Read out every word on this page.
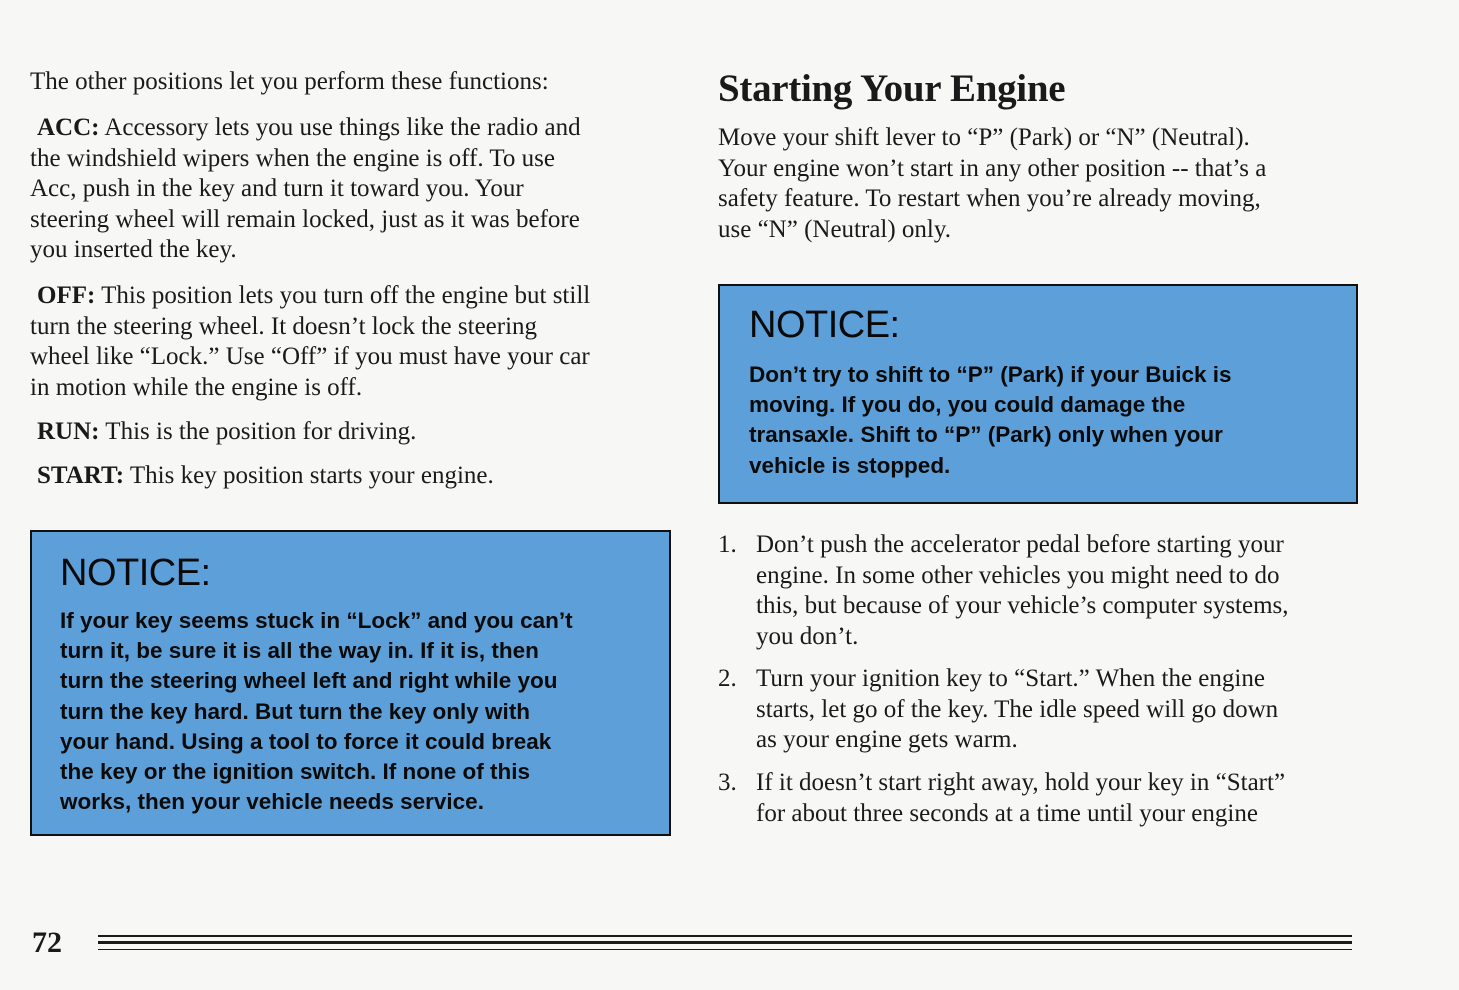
The other positions let you perform these functions:
ACC: Accessory lets you use things like the radio and
the windshield wipers when the engine is off. To use
Acc, push in the key and turn it toward you. Your
steering wheel will remain locked, just as it was before
you inserted the key.
OFF: This position lets you turn off the engine but still
turn the steering wheel. It doesn’t lock the steering
wheel like “Lock.” Use “Off” if you must have your car
in motion while the engine is off.
RUN: This is the position for driving.
START: This key position starts your engine.
NOTICE:
If your key seems stuck in “Lock” and you can’t
turn it, be sure it is all the way in. If it is, then
turn the steering wheel left and right while you
turn the key hard. But turn the key only with
your hand. Using a tool to force it could break
the key or the ignition switch. If none of this
works, then your vehicle needs service.
Starting Your Engine
Move your shift lever to “P” (Park) or “N” (Neutral).
Your engine won’t start in any other position -- that’s a
safety feature. To restart when you’re already moving,
use “N” (Neutral) only.
1. Don’t push the accelerator pedal before starting your
engine. In some other vehicles you might need to do
this, but because of your vehicle’s computer systems,
you don’t.
2. Turn your ignition key to “Start.” When the engine
starts, let go of the key. The idle speed will go down
as your engine gets warm.
3. If it doesn’t start right away, hold your key in “Start”
for about three seconds at a time until your engine
NOTICE:
Don’t try to shift to “P” (Park) if your Buick is
moving. If you do, you could damage the
transaxle. Shift to “P” (Park) only when your
vehicle is stopped.
72
